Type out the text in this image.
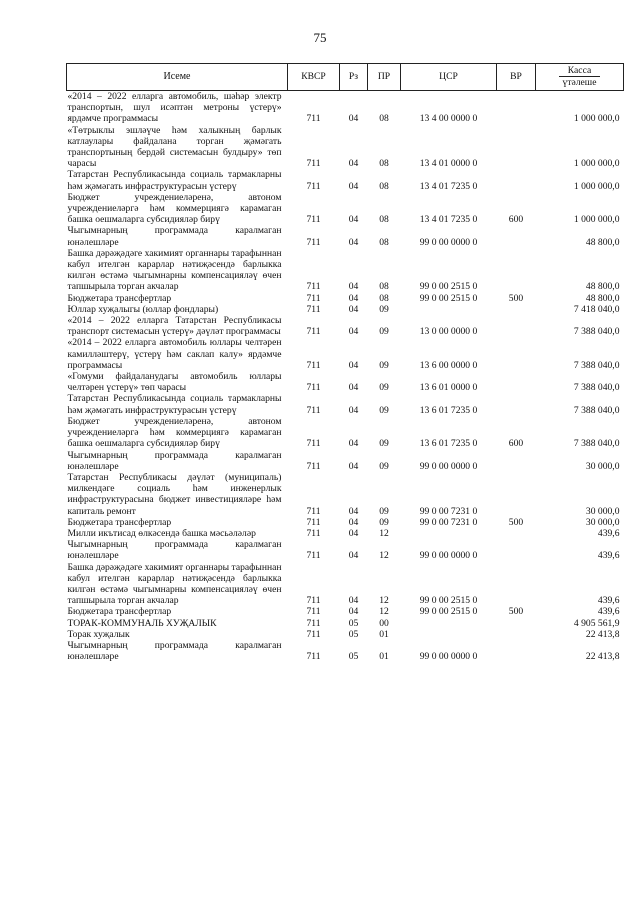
75
Исеме	КВСР	Рз	ПР	ЦСР	ВР	Касса
үтәлеше
«2014 – 2022 елларга автомобиль, шәһәр электр транспортын, шул исәптән метроны үстерү» ярдәмче программасы	711	04	08	13 4 00 0000 0		1 000 000,0
«Төтрыклы эшләүче һәм халыкның барлык катлаулары файдалана торган җәмәгать транспортының бердәй системасын булдыру» төп чарасы	711	04	08	13 4 01 0000 0		1 000 000,0
Татарстан Республикасында социаль тармакларны һәм җәмәгать инфраструктурасын үстерү	711	04	08	13 4 01 7235 0		1 000 000,0
Бюджет учреждениеләренә, автоном учреждениеләргә һәм коммерциягә карамаган башка оешмаларга субсидияләр бирү	711	04	08	13 4 01 7235 0	600	1 000 000,0
Чыгымнарның программада каралмаган юнәлешләре	711	04	08	99 0 00 0000 0		48 800,0
Башка дәрәҗәдәге хакимият органнары тарафыннан кабул ителгән карарлар нәтиҗәсендә барлыкка килгән өстәмә чыгымнарны компенсацияләү өчен тапшырыла торган акчалар	711	04	08	99 0 00 2515 0		48 800,0
Бюджетара трансфертлар	711	04	08	99 0 00 2515 0	500	48 800,0
Юллар хуҗалыгы (юллар фондлары)	711	04	09			7 418 040,0
«2014 – 2022 елларга Татарстан Республикасы транспорт системасын үстерү» дәүләт программасы	711	04	09	13 0 00 0000 0		7 388 040,0
«2014 – 2022 елларга автомобиль юллары челтәрен камилләштерү, үстерү һәм саклап калу» ярдәмче программасы	711	04	09	13 6 00 0000 0		7 388 040,0
«Гомуми файдаланудагы автомобиль юллары челтәрен үстерү» төп чарасы	711	04	09	13 6 01 0000 0		7 388 040,0
Татарстан Республикасында социаль тармакларны һәм җәмәгать инфраструктурасын үстерү	711	04	09	13 6 01 7235 0		7 388 040,0
Бюджет учреждениеләренә, автоном учреждениеләргә һәм коммерциягә карамаган башка оешмаларга субсидияләр бирү	711	04	09	13 6 01 7235 0	600	7 388 040,0
Чыгымнарның программада каралмаган юнәлешләре	711	04	09	99 0 00 0000 0		30 000,0
Татарстан Республикасы дәүләт (муниципаль) милкендәге социаль һәм инженерлык инфраструктурасына бюджет инвестицияләре һәм капиталь ремонт	711	04	09	99 0 00 7231 0		30 000,0
Бюджетара трансфертлар	711	04	09	99 0 00 7231 0	500	30 000,0
Милли икътисад өлкәсендә башка мәсьәләләр	711	04	12			439,6
Чыгымнарның программада каралмаган юнәлешләре	711	04	12	99 0 00 0000 0		439,6
Башка дәрәҗәдәге хакимият органнары тарафыннан кабул ителгән карарлар нәтиҗәсендә барлыкка килгән өстәмә чыгымнарны компенсацияләү өчен тапшырыла торган акчалар	711	04	12	99 0 00 2515 0		439,6
Бюджетара трансфертлар	711	04	12	99 0 00 2515 0	500	439,6
ТОРАК-КОММУНАЛЬ ХУҖАЛЫК	711	05	00			4 905 561,9
Торак хуҗалык	711	05	01			22 413,8
Чыгымнарның программада каралмаган юнәлешләре	711	05	01	99 0 00 0000 0		22 413,8
